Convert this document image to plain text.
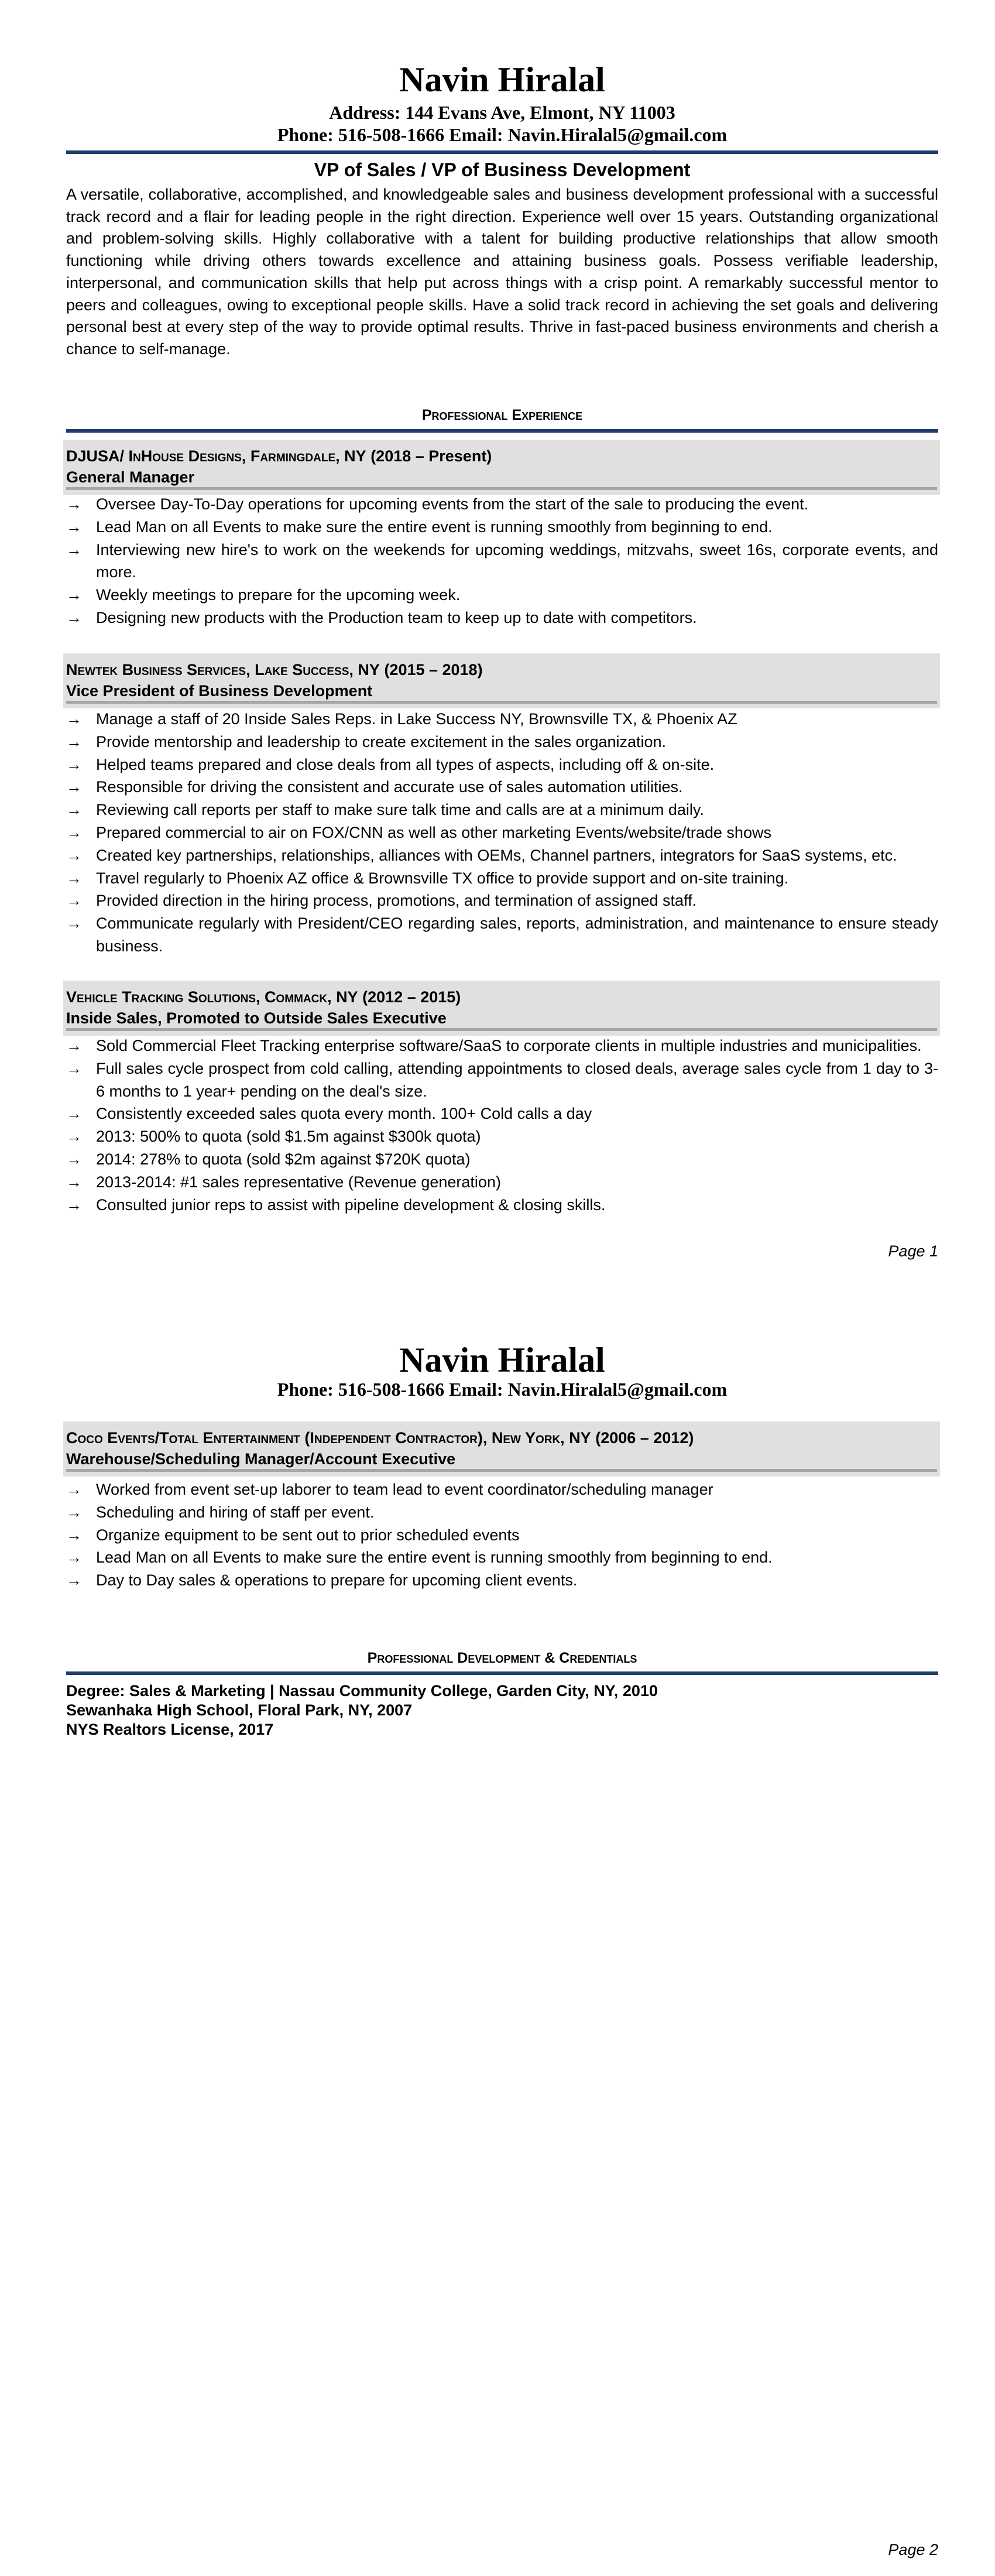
Navin Hiralal
Address: 144 Evans Ave, Elmont, NY 11003
Phone: 516-508-1666 Email: Navin.Hiralal5@gmail.com
VP of Sales / VP of Business Development
A versatile, collaborative, accomplished, and knowledgeable sales and business development professional with a successful track record and a flair for leading people in the right direction. Experience well over 15 years. Outstanding organizational and problem-solving skills. Highly collaborative with a talent for building productive relationships that allow smooth functioning while driving others towards excellence and attaining business goals. Possess verifiable leadership, interpersonal, and communication skills that help put across things with a crisp point. A remarkably successful mentor to peers and colleagues, owing to exceptional people skills. Have a solid track record in achieving the set goals and delivering personal best at every step of the way to provide optimal results. Thrive in fast-paced business environments and cherish a chance to self-manage.
Professional Experience
DJUSA/ InHouse Designs, Farmingdale, NY (2018 – Present)
General Manager
→ Oversee Day-To-Day operations for upcoming events from the start of the sale to producing the event.
→ Lead Man on all Events to make sure the entire event is running smoothly from beginning to end.
→ Interviewing new hire's to work on the weekends for upcoming weddings, mitzvahs, sweet 16s, corporate events, and more.
→ Weekly meetings to prepare for the upcoming week.
→ Designing new products with the Production team to keep up to date with competitors.
Newtek Business Services, Lake Success, NY (2015 – 2018)
Vice President of Business Development
→ Manage a staff of 20 Inside Sales Reps. in Lake Success NY, Brownsville TX, & Phoenix AZ
→ Provide mentorship and leadership to create excitement in the sales organization.
→ Helped teams prepared and close deals from all types of aspects, including off & on-site.
→ Responsible for driving the consistent and accurate use of sales automation utilities.
→ Reviewing call reports per staff to make sure talk time and calls are at a minimum daily.
→ Prepared commercial to air on FOX/CNN as well as other marketing Events/website/trade shows
→ Created key partnerships, relationships, alliances with OEMs, Channel partners, integrators for SaaS systems, etc.
→ Travel regularly to Phoenix AZ office & Brownsville TX office to provide support and on-site training.
→ Provided direction in the hiring process, promotions, and termination of assigned staff.
→ Communicate regularly with President/CEO regarding sales, reports, administration, and maintenance to ensure steady business.
Vehicle Tracking Solutions, Commack, NY (2012 – 2015)
Inside Sales, Promoted to Outside Sales Executive
→ Sold Commercial Fleet Tracking enterprise software/SaaS to corporate clients in multiple industries and municipalities.
→ Full sales cycle prospect from cold calling, attending appointments to closed deals, average sales cycle from 1 day to 3-6 months to 1 year+ pending on the deal's size.
→ Consistently exceeded sales quota every month. 100+ Cold calls a day
→ 2013: 500% to quota (sold $1.5m against $300k quota)
→ 2014: 278% to quota (sold $2m against $720K quota)
→ 2013-2014: #1 sales representative (Revenue generation)
→ Consulted junior reps to assist with pipeline development & closing skills.
Page 1
Navin Hiralal
Phone: 516-508-1666 Email: Navin.Hiralal5@gmail.com
Coco Events/Total Entertainment (Independent Contractor), New York, NY (2006 – 2012)
Warehouse/Scheduling Manager/Account Executive
→ Worked from event set-up laborer to team lead to event coordinator/scheduling manager
→ Scheduling and hiring of staff per event.
→ Organize equipment to be sent out to prior scheduled events
→ Lead Man on all Events to make sure the entire event is running smoothly from beginning to end.
→ Day to Day sales & operations to prepare for upcoming client events.
Professional Development & Credentials
Degree: Sales & Marketing | Nassau Community College, Garden City, NY, 2010
Sewanhaka High School, Floral Park, NY, 2007
NYS Realtors License, 2017
Page 2
